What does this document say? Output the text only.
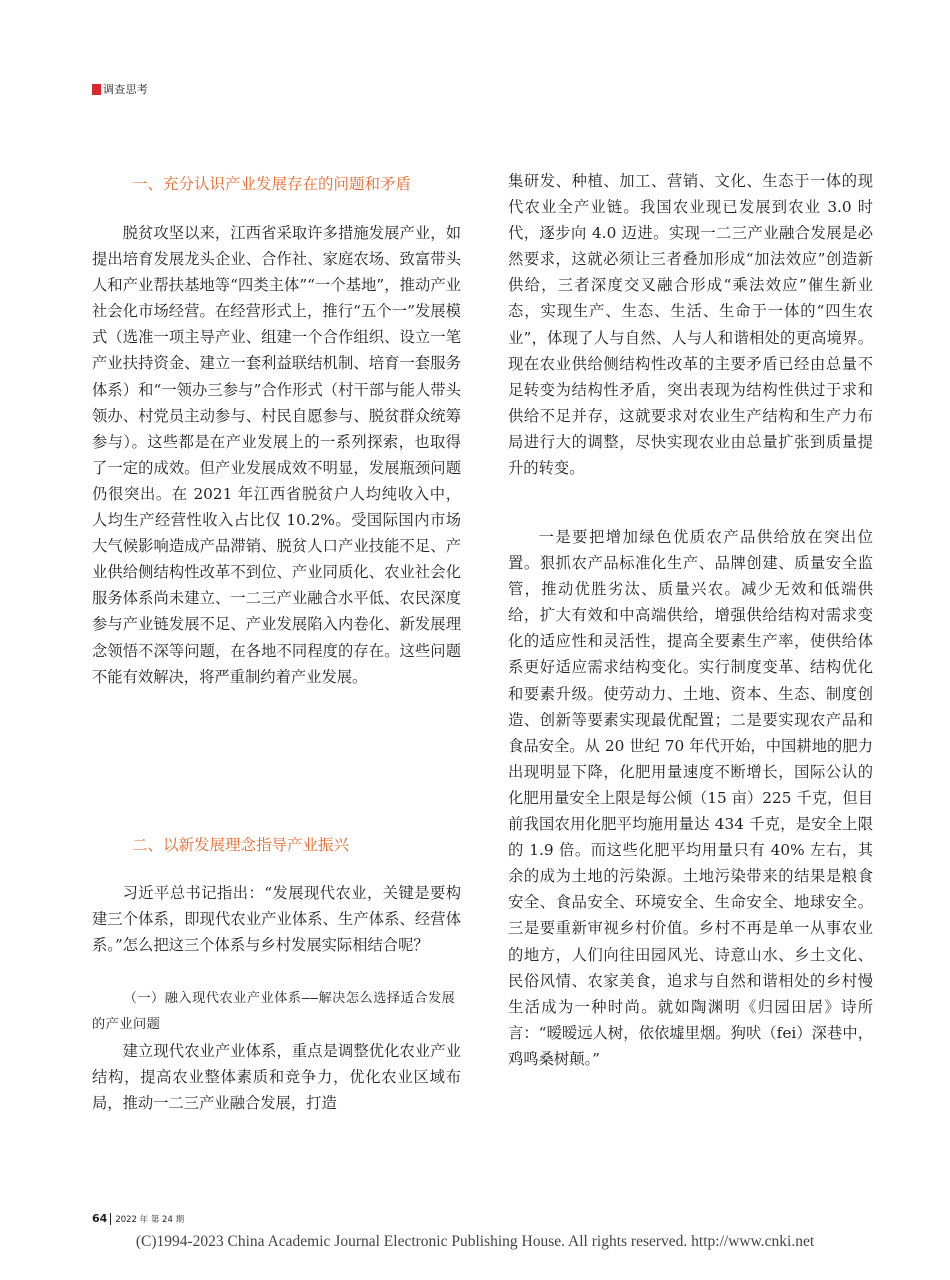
调查思考
一、充分认识产业发展存在的问题和矛盾

脱贫攻坚以来，江西省采取许多措施发展产业，如提出培育发展龙头企业、合作社、家庭农场、致富带头人和产业帮扶基地等“四类主体”“一个基地”，推动产业社会化市场经营。在经营形式上，推行“五个一”发展模式（选准一项主导产业、组建一个合作组织、设立一笔产业扶持资金、建立一套利益联结机制、培育一套服务体系）和“一领办三参与”合作形式（村干部与能人带头领办、村党员主动参与、村民自愿参与、脱贫群众统筹参与）。这些都是在产业发展上的一系列探索，也取得了一定的成效。但产业发展成效不明显，发展瓶颈问题仍很突出。在 2021 年江西省脱贫户人均纯收入中，人均生产经营性收入占比仅 10.2%。受国际国内市场大气候影响造成产品滞销、脱贫人口产业技能不足、产业供给侧结构性改革不到位、产业同质化、农业社会化服务体系尚未建立、一二三产业融合水平低、农民深度参与产业链发展不足、产业发展陷入内卷化、新发展理念领悟不深等问题，在各地不同程度的存在。这些问题不能有效解决，将严重制约着产业发展。

二、以新发展理念指导产业振兴

习近平总书记指出：“发展现代农业，关键是要构建三个体系，即现代农业产业体系、生产体系、经营体系。”怎么把这三个体系与乡村发展实际相结合呢？

（一）融入现代农业产业体系——解决怎么选择适合发展的产业问题

建立现代农业产业体系，重点是调整优化农业产业结构，提高农业整体素质和竞争力，优化农业区域布局，推动一二三产业融合发展，打造

集研发、种植、加工、营销、文化、生态于一体的现代农业全产业链。我国农业现已发展到农业 3.0 时代，逐步向 4.0 迈进。实现一二三产业融合发展是必然要求，这就必须让三者叠加形成“加法效应”创造新供给，三者深度交叉融合形成“乘法效应”催生新业态，实现生产、生态、生活、生命于一体的“四生农业”，体现了人与自然、人与人和谐相处的更高境界。现在农业供给侧结构性改革的主要矛盾已经由总量不足转变为结构性矛盾，突出表现为结构性供过于求和供给不足并存，这就要求对农业生产结构和生产力布局进行大的调整，尽快实现农业由总量扩张到质量提升的转变。

一是要把增加绿色优质农产品供给放在突出位置。狠抓农产品标准化生产、品牌创建、质量安全监管，推动优胜劣汰、质量兴农。减少无效和低端供给，扩大有效和中高端供给，增强供给结构对需求变化的适应性和灵活性，提高全要素生产率，使供给体系更好适应需求结构变化。实行制度变革、结构优化和要素升级。使劳动力、土地、资本、生态、制度创造、创新等要素实现最优配置；二是要实现农产品和食品安全。从 20 世纪 70 年代开始，中国耕地的肥力出现明显下降，化肥用量速度不断增长，国际公认的化肥用量安全上限是每公倾（15 亩）225 千克，但目前我国农用化肥平均施用量达 434 千克，是安全上限的 1.9 倍。而这些化肥平均用量只有 40% 左右，其余的成为土地的污染源。土地污染带来的结果是粮食安全、食品安全、环境安全、生命安全、地球安全。三是要重新审视乡村价值。乡村不再是单一从事农业的地方，人们向往田园风光、诗意山水、乡土文化、民俗风情、农家美食，追求与自然和谐相处的乡村慢生活成为一种时尚。就如陶渊明《归园田居》诗所言：“暧暧远人树，依依墟里烟。狗吠（fei）深巷中，鸡鸣桑树颠。”

64 2022 年 第 24 期
(C)1994-2023 China Academic Journal Electronic Publishing House. All rights reserved. http://www.cnki.net
